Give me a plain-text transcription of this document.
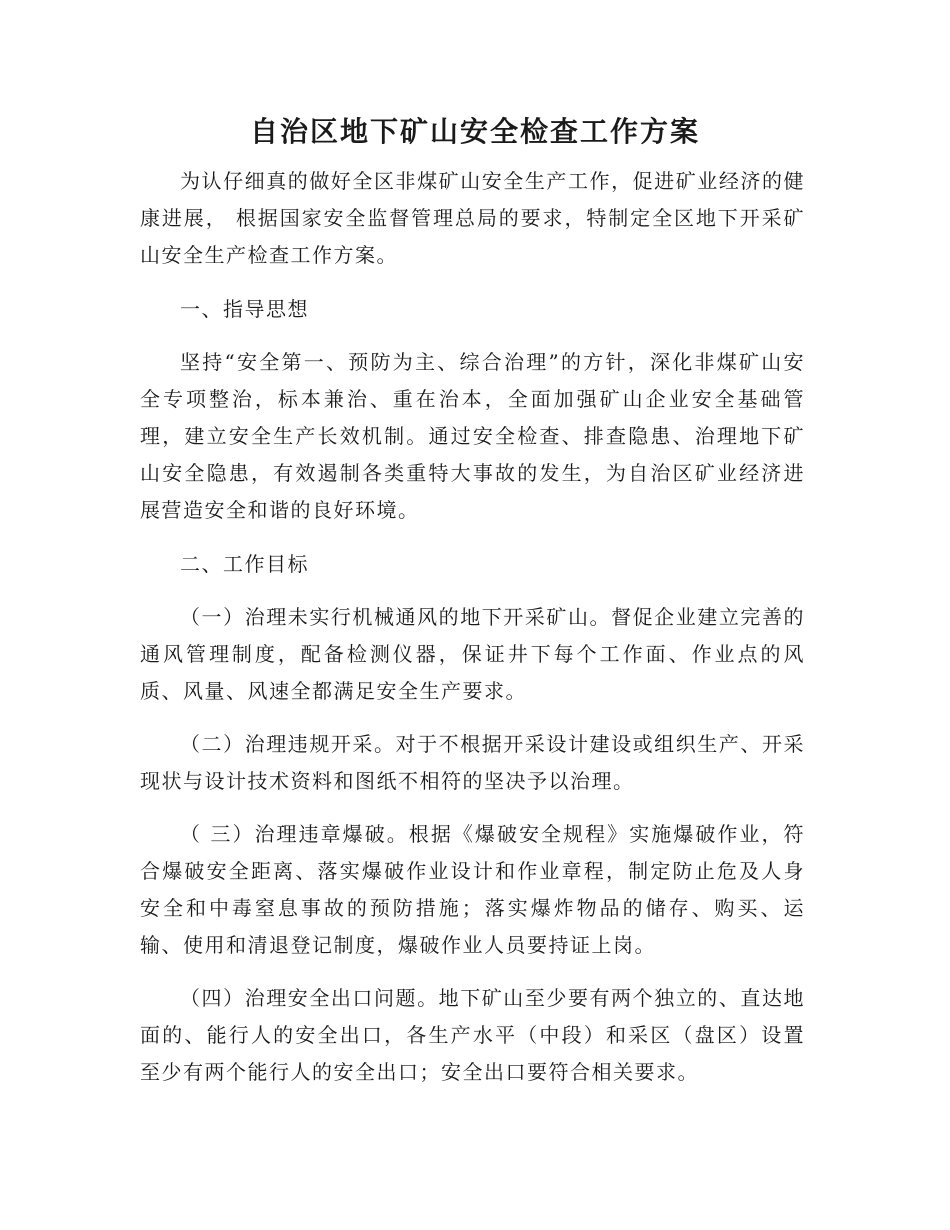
自治区地下矿山安全检查工作方案

为认仔细真的做好全区非煤矿山安全生产工作，促进矿业经济的健康进展， 根据国家安全监督管理总局的要求，特制定全区地下开采矿山安全生产检查工作方案。

一、指导思想

坚持“安全第一、预防为主、综合治理”的方针，深化非煤矿山安全专项整治，标本兼治、重在治本，全面加强矿山企业安全基础管理，建立安全生产长效机制。通过安全检查、排查隐患、治理地下矿山安全隐患，有效遏制各类重特大事故的发生，为自治区矿业经济进展营造安全和谐的良好环境。

二、工作目标

（一）治理未实行机械通风的地下开采矿山。督促企业建立完善的通风管理制度，配备检测仪器，保证井下每个工作面、作业点的风质、风量、风速全都满足安全生产要求。

（二）治理违规开采。对于不根据开采设计建设或组织生产、开采现状与设计技术资料和图纸不相符的坚决予以治理。

（ 三）治理违章爆破。根据《爆破安全规程》实施爆破作业，符合爆破安全距离、落实爆破作业设计和作业章程，制定防止危及人身安全和中毒窒息事故的预防措施；落实爆炸物品的储存、购买、运输、使用和清退登记制度，爆破作业人员要持证上岗。

（四）治理安全出口问题。地下矿山至少要有两个独立的、直达地面的、能行人的安全出口，各生产水平（中段）和采区（盘区）设置至少有两个能行人的安全出口；安全出口要符合相关要求。
